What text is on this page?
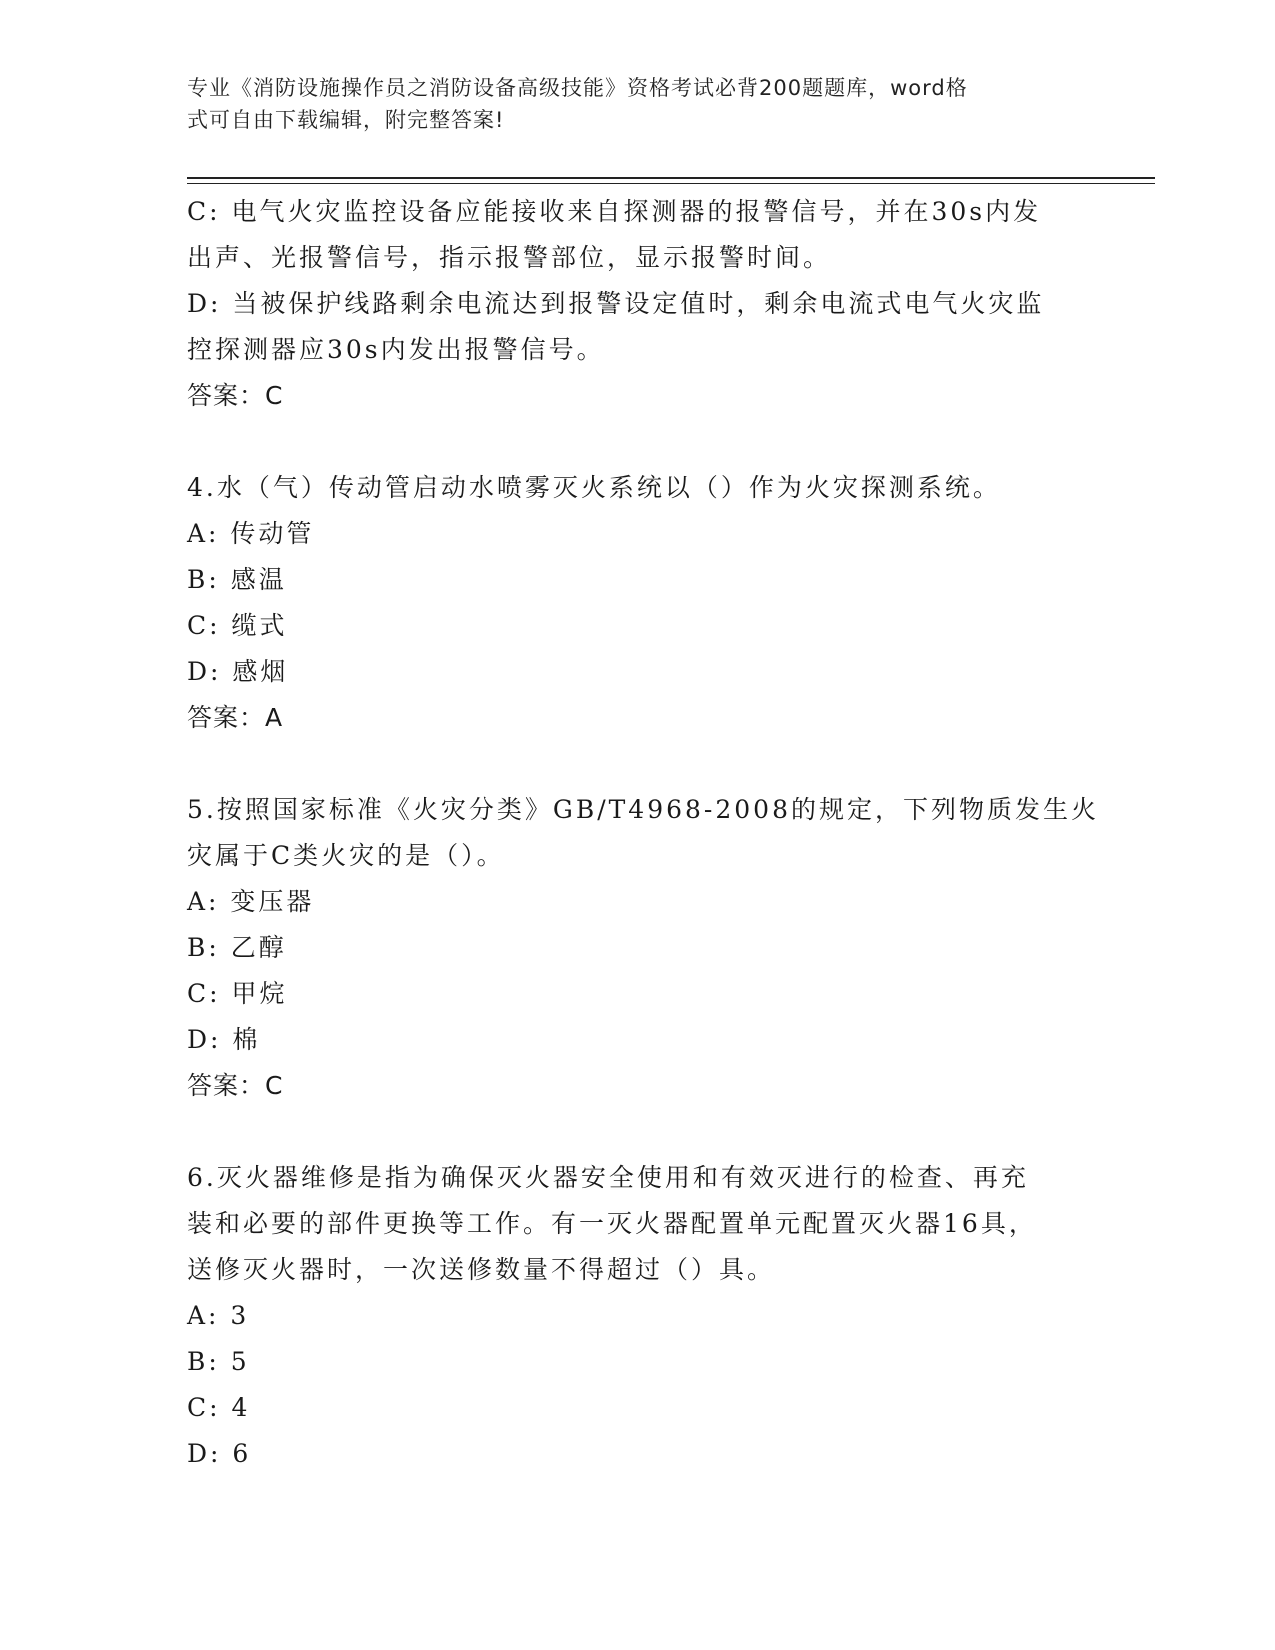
专业《消防设施操作员之消防设备高级技能》资格考试必背200题题库，word格
式可自由下载编辑，附完整答案!
C: 电气火灾监控设备应能接收来自探测器的报警信号，并在30s内发
出声、光报警信号，指示报警部位，显示报警时间。
D: 当被保护线路剩余电流达到报警设定值时，剩余电流式电气火灾监
控探测器应30s内发出报警信号。
答案：C
4.水（气）传动管启动水喷雾灭火系统以（）作为火灾探测系统。
A: 传动管
B: 感温
C: 缆式
D: 感烟
答案：A
5.按照国家标准《火灾分类》GB/T4968-2008的规定，下列物质发生火
灾属于C类火灾的是（）。
A: 变压器
B: 乙醇
C: 甲烷
D: 棉
答案：C
6.灭火器维修是指为确保灭火器安全使用和有效灭进行的检查、再充
装和必要的部件更换等工作。有一灭火器配置单元配置灭火器16具，
送修灭火器时，一次送修数量不得超过（）具。
A: 3
B: 5
C: 4
D: 6
